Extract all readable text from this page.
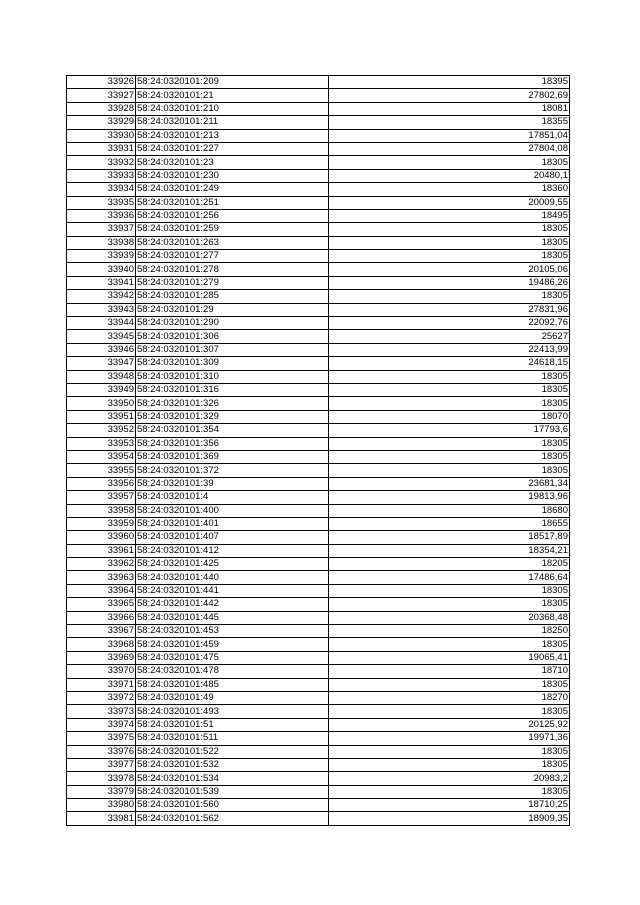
33926	58:24:0320101:209	18395
33927	58:24:0320101:21	27802,69
33928	58:24:0320101:210	18081
33929	58:24:0320101:211	18355
33930	58:24:0320101:213	17851,04
33931	58:24:0320101:227	27804,08
33932	58:24:0320101:23	18305
33933	58:24:0320101:230	20480,1
33934	58:24:0320101:249	18360
33935	58:24:0320101:251	20009,55
33936	58:24:0320101:256	18495
33937	58:24:0320101:259	18305
33938	58:24:0320101:263	18305
33939	58:24:0320101:277	18305
33940	58:24:0320101:278	20105,06
33941	58:24:0320101:279	19486,26
33942	58:24:0320101:285	18305
33943	58:24:0320101:29	27831,96
33944	58:24:0320101:290	22092,76
33945	58:24:0320101:306	25627
33946	58:24:0320101:307	22413,99
33947	58:24:0320101:309	24618,15
33948	58:24:0320101:310	18305
33949	58:24:0320101:316	18305
33950	58:24:0320101:326	18305
33951	58:24:0320101:329	18070
33952	58:24:0320101:354	17793,6
33953	58:24:0320101:356	18305
33954	58:24:0320101:369	18305
33955	58:24:0320101:372	18305
33956	58:24:0320101:39	23681,34
33957	58:24:0320101:4	19813,96
33958	58:24:0320101:400	18680
33959	58:24:0320101:401	18655
33960	58:24:0320101:407	18517,89
33961	58:24:0320101:412	18354,21
33962	58:24:0320101:425	18205
33963	58:24:0320101:440	17486,64
33964	58:24:0320101:441	18305
33965	58:24:0320101:442	18305
33966	58:24:0320101:445	20368,48
33967	58:24:0320101:453	18250
33968	58:24:0320101:459	18305
33969	58:24:0320101:475	19065,41
33970	58:24:0320101:478	18710
33971	58:24:0320101:485	18305
33972	58:24:0320101:49	18270
33973	58:24:0320101:493	18305
33974	58:24:0320101:51	20125,92
33975	58:24:0320101:511	19971,36
33976	58:24:0320101:522	18305
33977	58:24:0320101:532	18305
33978	58:24:0320101:534	20983,2
33979	58:24:0320101:539	18305
33980	58:24:0320101:560	18710,25
33981	58:24:0320101:562	18909,35
